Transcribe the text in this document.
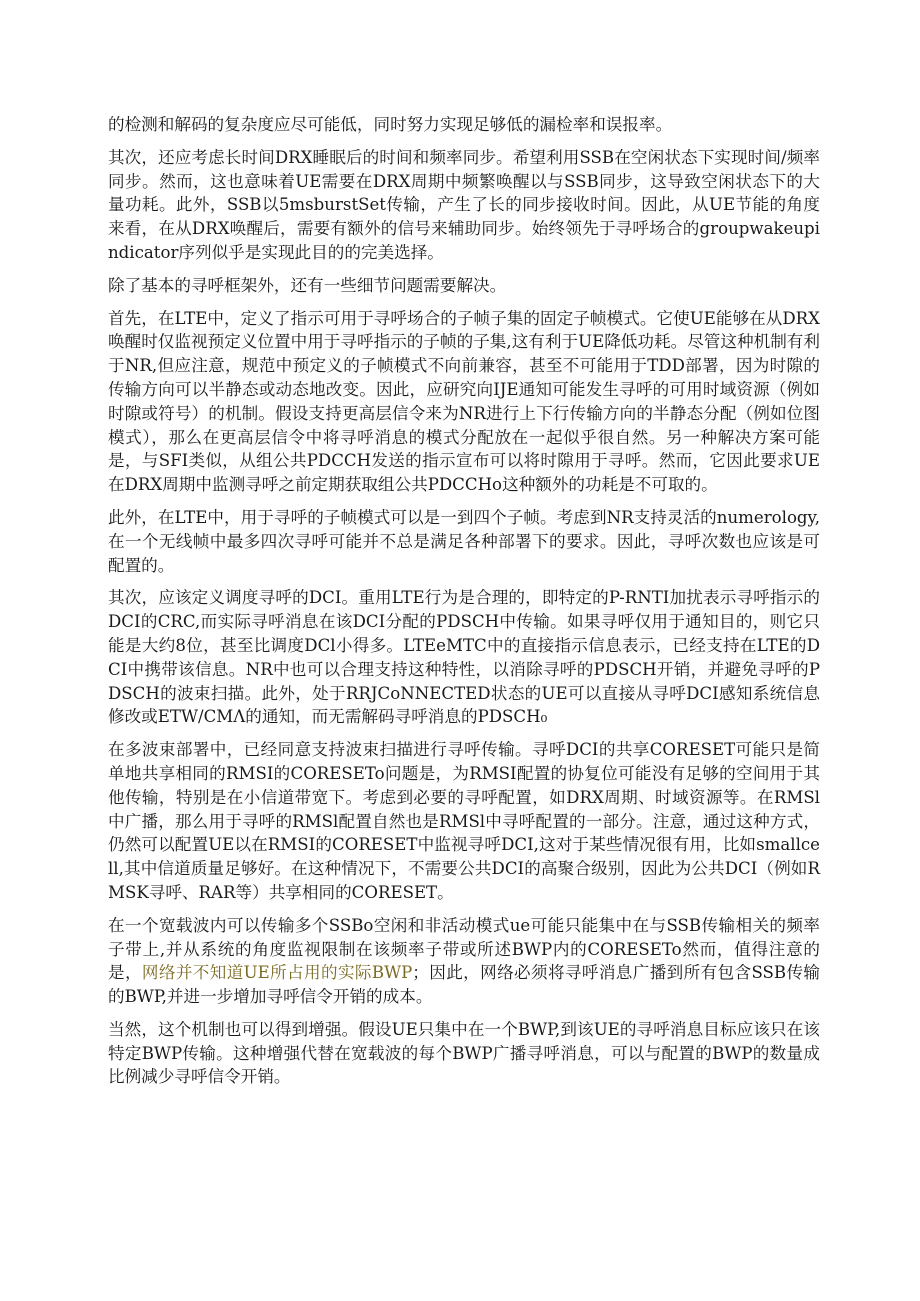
的检测和解码的复杂度应尽可能低，同时努力实现足够低的漏检率和误报率。

其次，还应考虑长时间DRX睡眠后的时间和频率同步。希望利用SSB在空闲状态下实现时间/频率同步。然而，这也意味着UE需要在DRX周期中频繁唤醒以与SSB同步，这导致空闲状态下的大量功耗。此外，SSB以5msburstSet传输，产生了长的同步接收时间。因此，从UE节能的角度来看，在从DRX唤醒后，需要有额外的信号来辅助同步。始终领先于寻呼场合的groupwakeupindicator序列似乎是实现此目的的完美选择。

除了基本的寻呼框架外，还有一些细节问题需要解决。

首先，在LTE中，定义了指示可用于寻呼场合的子帧子集的固定子帧模式。它使UE能够在从DRX唤醒时仅监视预定义位置中用于寻呼指示的子帧的子集,这有利于UE降低功耗。尽管这种机制有利于NR,但应注意，规范中预定义的子帧模式不向前兼容，甚至不可能用于TDD部署，因为时隙的传输方向可以半静态或动态地改变。因此，应研究向IJE通知可能发生寻呼的可用时域资源（例如时隙或符号）的机制。假设支持更高层信令来为NR进行上下行传输方向的半静态分配（例如位图模式），那么在更高层信令中将寻呼消息的模式分配放在一起似乎很自然。另一种解决方案可能是，与SFI类似，从组公共PDCCH发送的指示宣布可以将时隙用于寻呼。然而，它因此要求UE在DRX周期中监测寻呼之前定期获取组公共PDCCHo这种额外的功耗是不可取的。

此外，在LTE中，用于寻呼的子帧模式可以是一到四个子帧。考虑到NR支持灵活的numerology,在一个无线帧中最多四次寻呼可能并不总是满足各种部署下的要求。因此，寻呼次数也应该是可配置的。

其次，应该定义调度寻呼的DCI。重用LTE行为是合理的，即特定的P-RNTI加扰表示寻呼指示的DCI的CRC,而实际寻呼消息在该DCI分配的PDSCH中传输。如果寻呼仅用于通知目的，则它只能是大约8位，甚至比调度DCl小得多。LTEeMTC中的直接指示信息表示，已经支持在LTE的DCI中携带该信息。NR中也可以合理支持这种特性，以消除寻呼的PDSCH开销，并避免寻呼的PDSCH的波束扫描。此外，处于RRJCoNNECTED状态的UE可以直接从寻呼DCI感知系统信息修改或ETW/CMΛ的通知，而无需解码寻呼消息的PDSCH₀

在多波束部署中，已经同意支持波束扫描进行寻呼传输。寻呼DCI的共享CORESET可能只是简单地共享相同的RMSI的CORESETo问题是，为RMSI配置的协复位可能没有足够的空间用于其他传输，特别是在小信道带宽下。考虑到必要的寻呼配置，如DRX周期、时域资源等。在RMSl中广播，那么用于寻呼的RMSl配置自然也是RMSl中寻呼配置的一部分。注意，通过这种方式，仍然可以配置UE以在RMSI的CORESET中监视寻呼DCI,这对于某些情况很有用，比如smallcell,其中信道质量足够好。在这种情况下，不需要公共DCI的高聚合级别，因此为公共DCI（例如RMSK寻呼、RAR等）共享相同的CORESET。

在一个宽载波内可以传输多个SSBo空闲和非活动模式ue可能只能集中在与SSB传输相关的频率子带上,并从系统的角度监视限制在该频率子带或所述BWP内的CORESETo然而，值得注意的是，网络并不知道UE所占用的实际BWP；因此，网络必须将寻呼消息广播到所有包含SSB传输的BWP,并进一步增加寻呼信令开销的成本。

当然，这个机制也可以得到增强。假设UE只集中在一个BWP,到该UE的寻呼消息目标应该只在该特定BWP传输。这种增强代替在宽载波的每个BWP广播寻呼消息，可以与配置的BWP的数量成比例减少寻呼信令开销。
